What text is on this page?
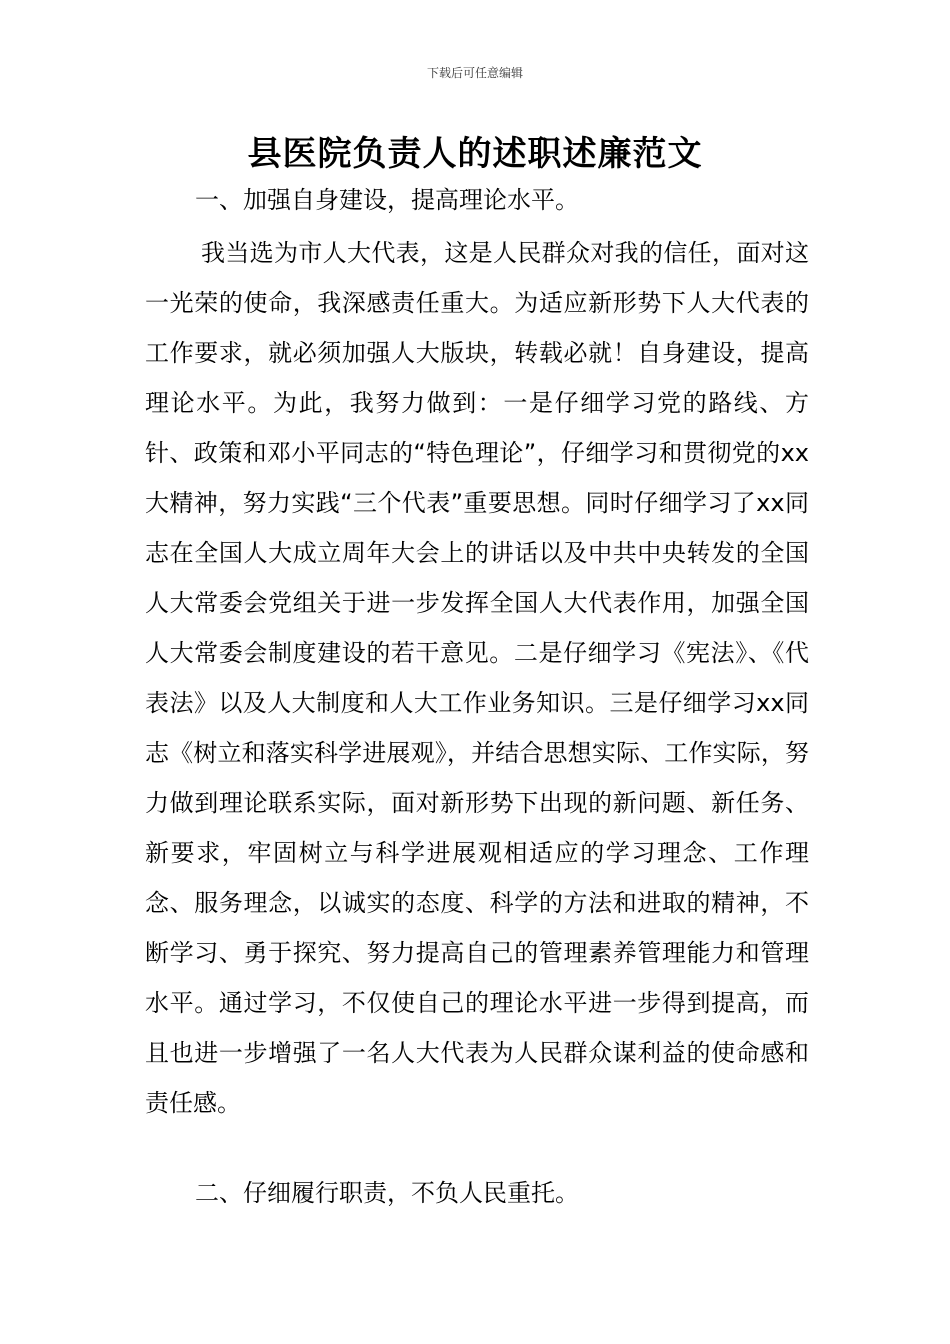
下载后可任意编辑
县医院负责人的述职述廉范文

一、加强自身建设，提高理论水平。

我当选为市人大代表，这是人民群众对我的信任，面对这一光荣的使命，我深感责任重大。为适应新形势下人大代表的工作要求，就必须加强人大版块，转载必就！自身建设，提高理论水平。为此，我努力做到：一是仔细学习党的路线、方针、政策和邓小平同志的“特色理论”，仔细学习和贯彻党的xx大精神，努力实践“三个代表”重要思想。同时仔细学习了xx同志在全国人大成立周年大会上的讲话以及中共中央转发的全国人大常委会党组关于进一步发挥全国人大代表作用，加强全国人大常委会制度建设的若干意见。二是仔细学习《宪法》、《代表法》以及人大制度和人大工作业务知识。三是仔细学习xx同志《树立和落实科学进展观》，并结合思想实际、工作实际，努力做到理论联系实际，面对新形势下出现的新问题、新任务、新要求，牢固树立与科学进展观相适应的学习理念、工作理念、服务理念，以诚实的态度、科学的方法和进取的精神，不断学习、勇于探究、努力提高自己的管理素养管理能力和管理水平。通过学习，不仅使自己的理论水平进一步得到提高，而且也进一步增强了一名人大代表为人民群众谋利益的使命感和责任感。

二、仔细履行职责，不负人民重托。
